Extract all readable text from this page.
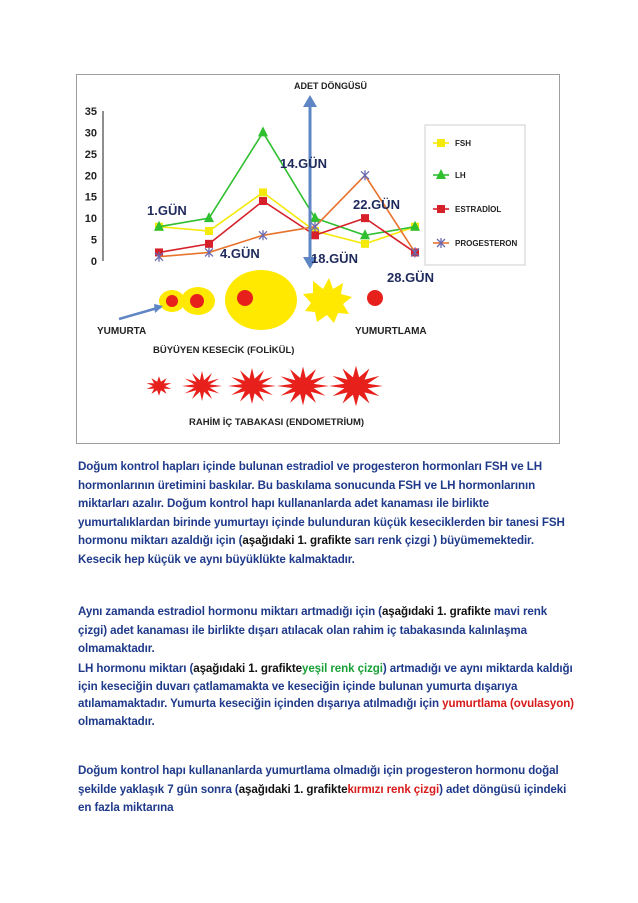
35
30
25
20
15
10
5
0
ADET DÖNGÜSÜ
1.GÜN
4.GÜN
14.GÜN
18.GÜN
22.GÜN
28.GÜN
FSH
LH
ESTRADİOL
PROGESTERON
YUMURTA	YUMURTLAMA
BÜYÜYEN KESECİK (FOLİKÜL)
RAHİM İÇ TABAKASI (ENDOMETRİUM)

Doğum kontrol hapları içinde bulunan estradiol ve progesteron hormonları FSH ve LH hormonlarının üretimini baskılar. Bu baskılama sonucunda FSH ve LH hormonlarının miktarları azalır. Doğum kontrol hapı kullananlarda adet kanaması ile birlikte yumurtalıklardan birinde yumurtayı içinde bulunduran küçük keseciklerden bir tanesi FSH hormonu miktarı azaldığı için (aşağıdaki 1. grafikte sarı renk çizgi ) büyümemektedir. Kesecik hep küçük ve aynı büyüklükte kalmaktadır.

Aynı zamanda estradiol hormonu miktarı artmadığı için (aşağıdaki 1. grafikte mavi renk çizgi) adet kanaması ile birlikte dışarı atılacak olan rahim iç tabakasında kalınlaşma olmamaktadır.

LH hormonu miktarı (aşağıdaki 1. grafikteyeşil renk çizgi) artmadığı ve aynı miktarda kaldığı için keseciğin duvarı çatlamamakta ve keseciğin içinde bulunan yumurta dışarıya atılamamaktadır. Yumurta keseciğin içinden dışarıya atılmadığı için yumurtlama (ovulasyon) olmamaktadır.

Doğum kontrol hapı kullananlarda yumurtlama olmadığı için progesteron hormonu doğal şekilde yaklaşık 7 gün sonra (aşağıdaki 1. grafiktekırmızı renk çizgi) adet döngüsü içindeki en fazla miktarına
